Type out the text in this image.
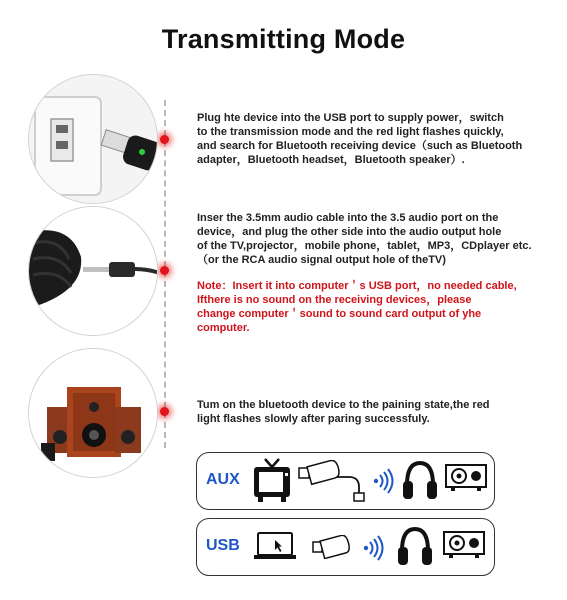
Transmitting Mode
Plug hte device into the USB port to supply power，switch
to the transmission mode and the red light flashes quickly,
and search for Bluetooth receiving device（such as Bluetooth
adapter，Bluetooth headset，Bluetooth speaker）.
Inser the 3.5mm audio cable into the 3.5 audio port on the
device，and plug the other side into the audio output hole
of the TV,projector，mobile phone，tablet，MP3，CDplayer etc.
（or the RCA audio signal output hole of theTV)
Note：Insert it into computer＇s USB port，no needed cable,
Ifthere is no sound on the receiving devices，please
change computer＇sound to sound card output of yhe
computer.
Tum on the bluetooth device to the paining state,the red
light flashes slowly after paring successfuly.
AUX
USB
